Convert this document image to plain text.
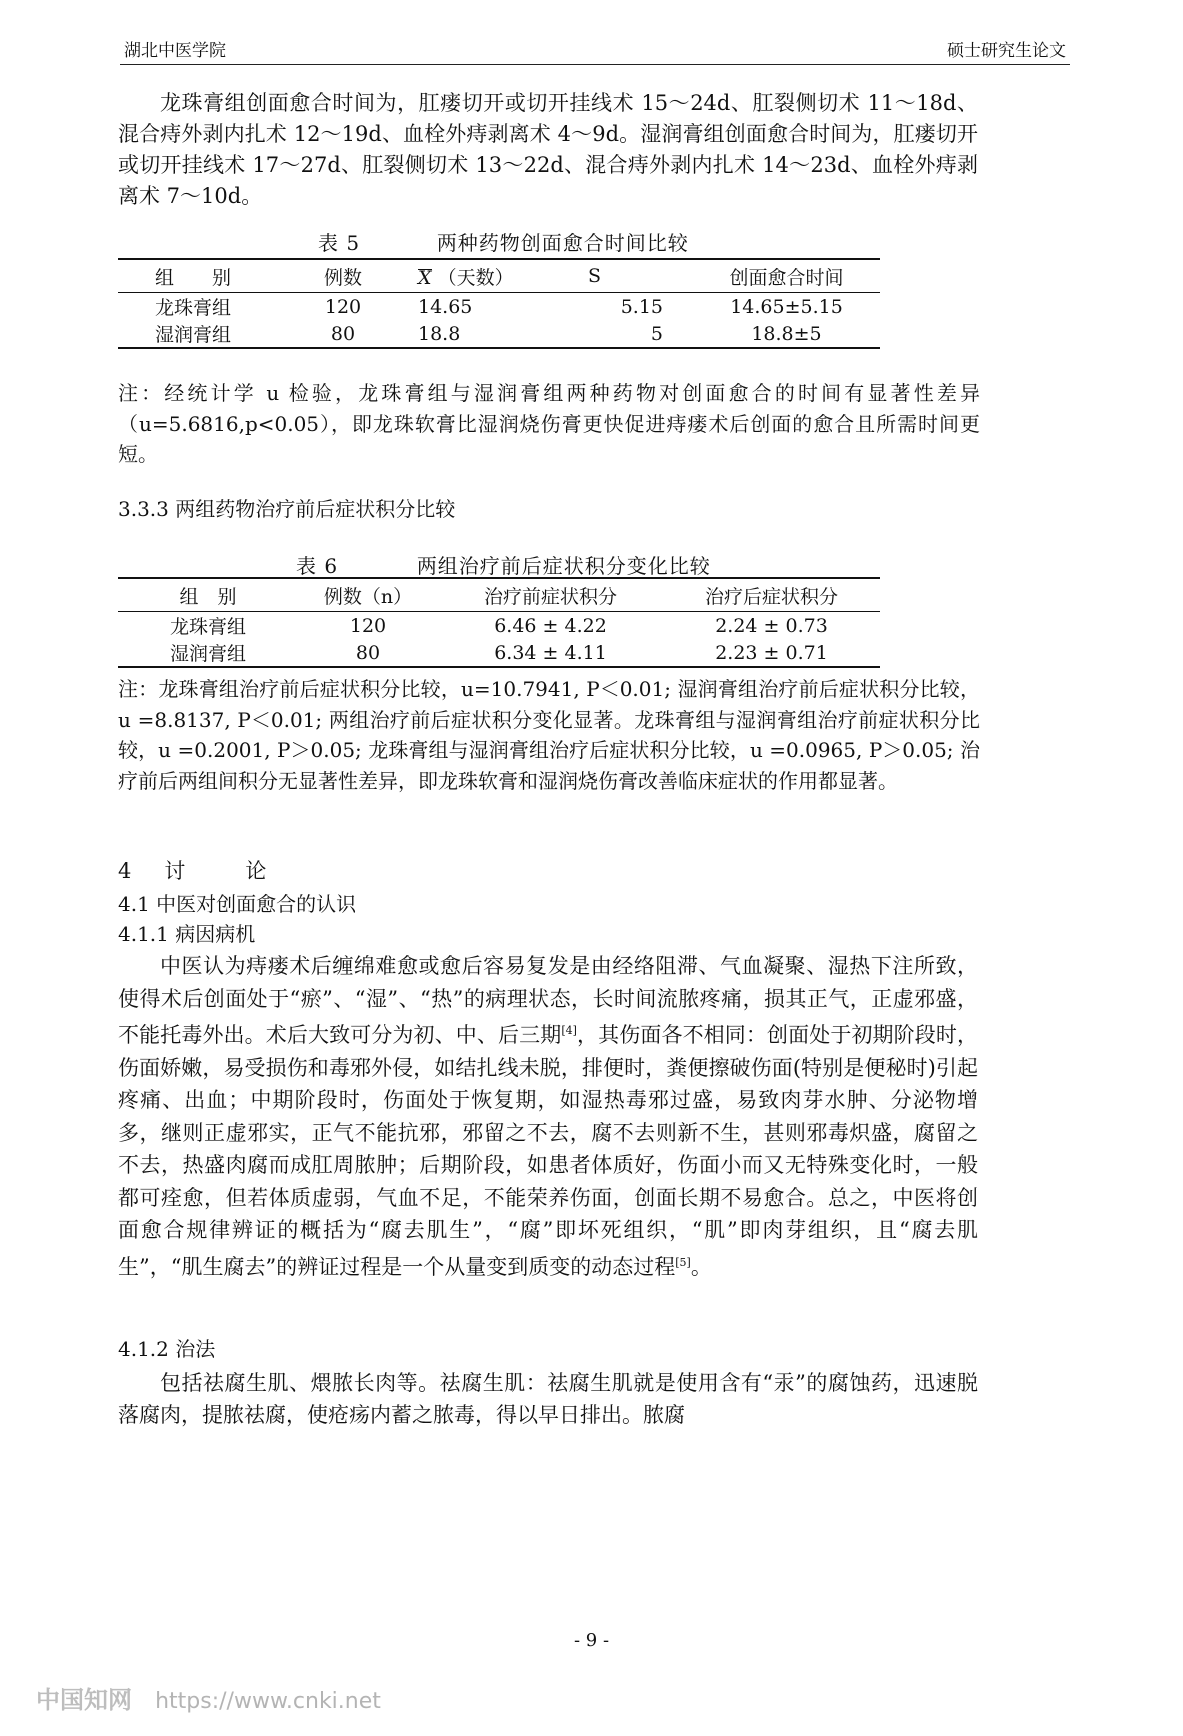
湖北中医学院	硕士研究生论文
龙珠膏组创面愈合时间为，肛瘘切开或切开挂线术 15～24d、肛裂侧切术 11～18d、混合痔外剥内扎术 12～19d、血栓外痔剥离术 4～9d。湿润膏组创面愈合时间为，肛瘘切开或切开挂线术 17～27d、肛裂侧切术 13～22d、混合痔外剥内扎术 14～23d、血栓外痔剥离术 7～10d。
表 5	两种药物创面愈合时间比较
组　　别	例数	X （天数）	S	创面愈合时间
龙珠膏组	120	14.65	5.15	14.65±5.15
湿润膏组	80	18.8	5	18.8±5
注：经统计学 u 检验，龙珠膏组与湿润膏组两种药物对创面愈合的时间有显著性差异（u=5.6816,p<0.05），即龙珠软膏比湿润烧伤膏更快促进痔瘘术后创面的愈合且所需时间更短。
3.3.3 两组药物治疗前后症状积分比较
表 6	两组治疗前后症状积分变化比较
组　别	例数（n）	治疗前症状积分	治疗后症状积分
龙珠膏组	120	6.46 ± 4.22	2.24 ± 0.73
湿润膏组	80	6.34 ± 4.11	2.23 ± 0.71
注：龙珠膏组治疗前后症状积分比较，u=10.7941, P＜0.01; 湿润膏组治疗前后症状积分比较，u =8.8137, P＜0.01; 两组治疗前后症状积分变化显著。龙珠膏组与湿润膏组治疗前症状积分比较，u =0.2001, P＞0.05; 龙珠膏组与湿润膏组治疗后症状积分比较，u =0.0965, P＞0.05; 治疗前后两组间积分无显著性差异，即龙珠软膏和湿润烧伤膏改善临床症状的作用都显著。
4　讨　　论
4.1 中医对创面愈合的认识
4.1.1 病因病机
中医认为痔瘘术后缠绵难愈或愈后容易复发是由经络阻滞、气血凝聚、湿热下注所致，使得术后创面处于“瘀”、“湿”、“热”的病理状态，长时间流脓疼痛，损其正气，正虚邪盛，不能托毒外出。术后大致可分为初、中、后三期[4]，其伤面各不相同：创面处于初期阶段时，伤面娇嫩，易受损伤和毒邪外侵，如结扎线未脱，排便时，粪便擦破伤面(特别是便秘时)引起疼痛、出血；中期阶段时，伤面处于恢复期，如湿热毒邪过盛，易致肉芽水肿、分泌物增多，继则正虚邪实，正气不能抗邪，邪留之不去，腐不去则新不生，甚则邪毒炽盛，腐留之不去，热盛肉腐而成肛周脓肿；后期阶段，如患者体质好，伤面小而又无特殊变化时，一般都可痊愈，但若体质虚弱，气血不足，不能荣养伤面，创面长期不易愈合。总之，中医将创面愈合规律辨证的概括为“腐去肌生”，“腐”即坏死组织，“肌”即肉芽组织，且“腐去肌生”，“肌生腐去”的辨证过程是一个从量变到质变的动态过程[5]。
4.1.2 治法
包括祛腐生肌、煨脓长肉等。祛腐生肌：祛腐生肌就是使用含有“汞”的腐蚀药，迅速脱落腐肉，提脓祛腐，使疮疡内蓄之脓毒，得以早日排出。脓腐
- 9 -
中国知网 https://www.cnki.net
